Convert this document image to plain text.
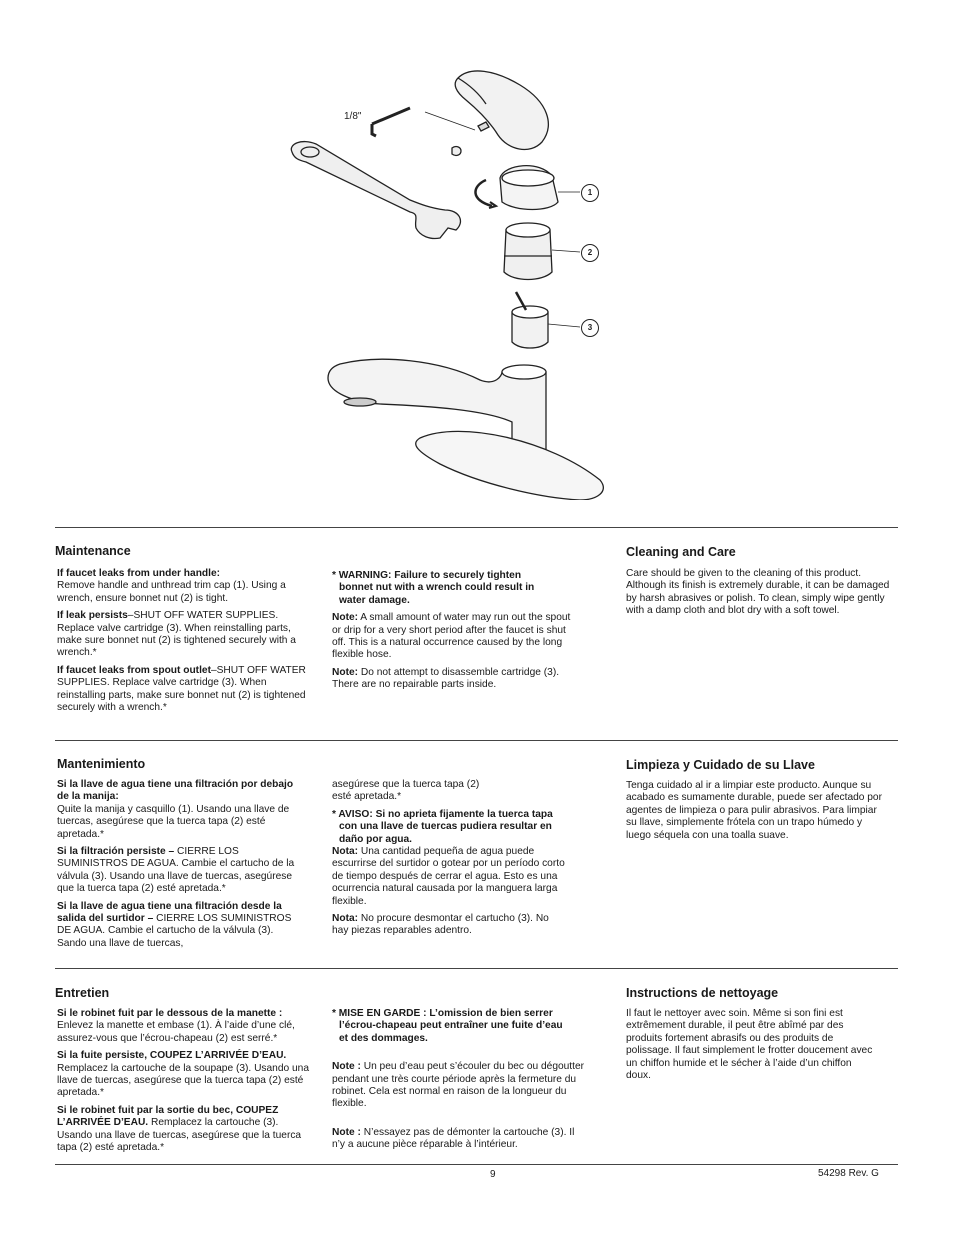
1/8"
1
2
3
Maintenance

If faucet leaks from under handle:
Remove handle and unthread trim cap (1). Using a wrench, ensure bonnet nut (2) is tight.

If leak persists–SHUT OFF WATER SUPPLIES. Replace valve cartridge (3). When reinstalling parts, make sure bonnet nut (2) is tightened securely with a wrench.*

If faucet leaks from spout outlet–SHUT OFF WATER SUPPLIES. Replace valve cartridge (3). When reinstalling parts, make sure bonnet nut (2) is tightened securely with a wrench.*

* WARNING: Failure to securely tighten bonnet nut with a wrench could result in water damage.

Note: A small amount of water may run out the spout or drip for a very short period after the faucet is shut off. This is a natural occurrence caused by the long flexible hose.

Note: Do not attempt to disassemble cartridge (3). There are no repairable parts inside.

Cleaning and Care
Care should be given to the cleaning of this product. Although its finish is extremely durable, it can be damaged by harsh abrasives or polish. To clean, simply wipe gently with a damp cloth and blot dry with a soft towel.
Mantenimiento

Si la llave de agua tiene una filtración por debajo de la manija:
Quite la manija y casquillo (1). Usando una llave de tuercas, asegúrese que la tuerca tapa (2) esté apretada.*

Si la filtración persiste – CIERRE LOS SUMINISTROS DE AGUA. Cambie el cartucho de la válvula (3). Usando una llave de tuercas, asegúrese que la tuerca tapa (2) esté apretada.*

Si la llave de agua tiene una filtración desde la salida del surtidor – CIERRE LOS SUMINISTROS DE AGUA. Cambie el cartucho de la válvula (3). Sando una llave de tuercas,

asegúrese que la tuerca tapa (2) esté apretada.*

* AVISO: Si no aprieta fijamente la tuerca tapa con una llave de tuercas pudiera resultar en daño por agua.

Nota: Una cantidad pequeña de agua puede escurrirse del surtidor o gotear por un período corto de tiempo después de cerrar el agua. Esto es una ocurrencia natural causada por la manguera larga flexible.

Nota: No procure desmontar el cartucho (3). No hay piezas reparables adentro.

Limpieza y Cuidado de su Llave
Tenga cuidado al ir a limpiar este producto. Aunque su acabado es sumamente durable, puede ser afectado por agentes de limpieza o para pulir abrasivos. Para limpiar su llave, simplemente frótela con un trapo húmedo y luego séquela con una toalla suave.
Entretien

Si le robinet fuit par le dessous de la manette :
Enlevez la manette et embase (1). À l’aide d’une clé, assurez-vous que l’écrou-chapeau (2) est serré.*

Si la fuite persiste, COUPEZ L’ARRIVÉE D’EAU. Remplacez la cartouche de la soupape (3). Usando una llave de tuercas, asegúrese que la tuerca tapa (2) esté apretada.*

Si le robinet fuit par la sortie du bec, COUPEZ L’ARRIVÉE D’EAU. Remplacez la cartouche (3). Usando una llave de tuercas, asegúrese que la tuerca tapa (2) esté apretada.*

* MISE EN GARDE : L’omission de bien serrer l’écrou-chapeau peut entraîner une fuite d’eau et des dommages.

Note : Un peu d’eau peut s’écouler du bec ou dégoutter pendant une très courte période après la fermeture du robinet. Cela est normal en raison de la longueur du flexible.

Note : N’essayez pas de démonter la cartouche (3). Il n’y a aucune pièce réparable à l’intérieur.

Instructions de nettoyage
Il faut le nettoyer avec soin. Même si son fini est extrêmement durable, il peut être abîmé par des produits fortement abrasifs ou des produits de polissage. Il faut simplement le frotter doucement avec un chiffon humide et le sécher à l’aide d’un chiffon doux.
9	54298 Rev. G
